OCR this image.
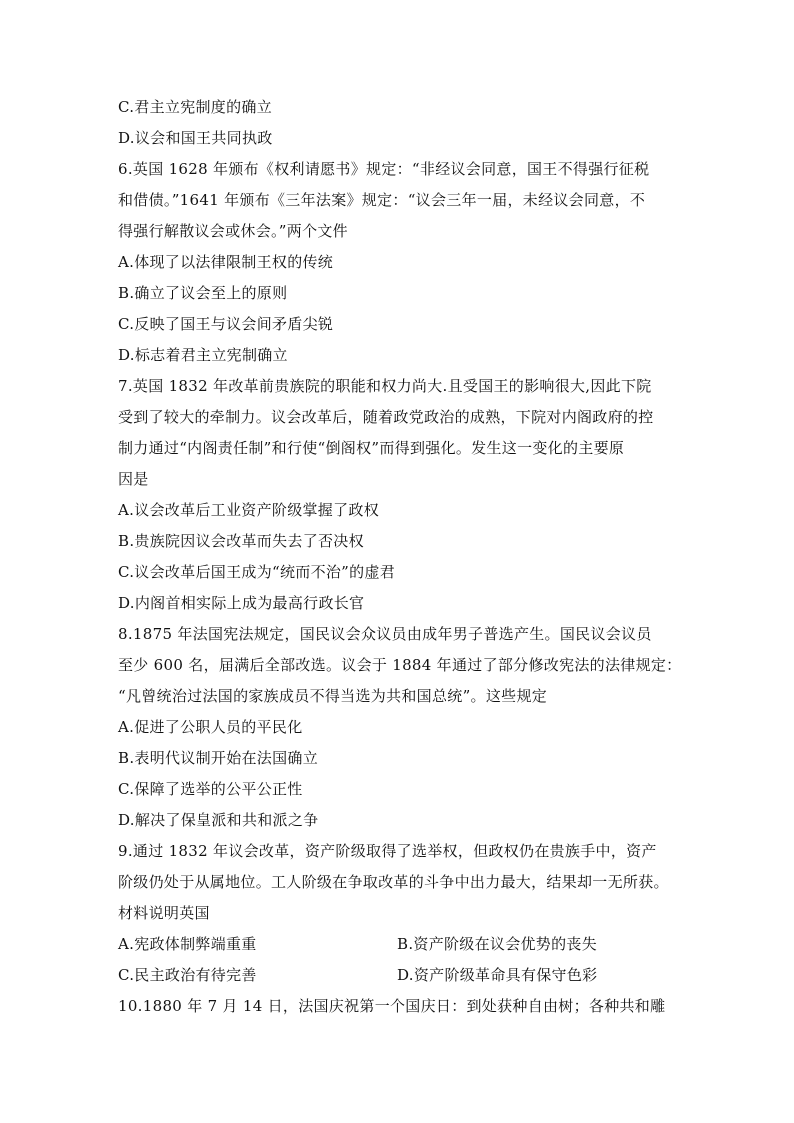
C.君主立宪制度的确立
D.议会和国王共同执政
6.英国 1628 年颁布《权利请愿书》规定：“非经议会同意，国王不得强行征税
和借债。”1641 年颁布《三年法案》规定：“议会三年一届，未经议会同意，不
得强行解散议会或休会。”两个文件
A.体现了以法律限制王权的传统
B.确立了议会至上的原则
C.反映了国王与议会间矛盾尖锐
D.标志着君主立宪制确立
7.英国 1832 年改革前贵族院的职能和权力尚大.且受国王的影响很大,因此下院
受到了较大的牵制力。议会改革后，随着政党政治的成熟，下院对内阁政府的控
制力通过“内阁责任制”和行使“倒阁权”而得到强化。发生这一变化的主要原
因是
A.议会改革后工业资产阶级掌握了政权
B.贵族院因议会改革而失去了否决权
C.议会改革后国王成为“统而不治”的虚君
D.内阁首相实际上成为最高行政长官
8.1875 年法国宪法规定，国民议会众议员由成年男子普选产生。国民议会议员
至少 600 名，届满后全部改选。议会于 1884 年通过了部分修改宪法的法律规定：
“凡曾统治过法国的家族成员不得当选为共和国总统”。这些规定
A.促进了公职人员的平民化
B.表明代议制开始在法国确立
C.保障了选举的公平公正性
D.解决了保皇派和共和派之争
9.通过 1832 年议会改革，资产阶级取得了选举权，但政权仍在贵族手中，资产
阶级仍处于从属地位。工人阶级在争取改革的斗争中出力最大，结果却一无所获。
材料说明英国
A.宪政体制弊端重重	B.资产阶级在议会优势的丧失
C.民主政治有待完善	D.资产阶级革命具有保守色彩
10.1880 年 7 月 14 日，法国庆祝第一个国庆日：到处获种自由树；各种共和雕
